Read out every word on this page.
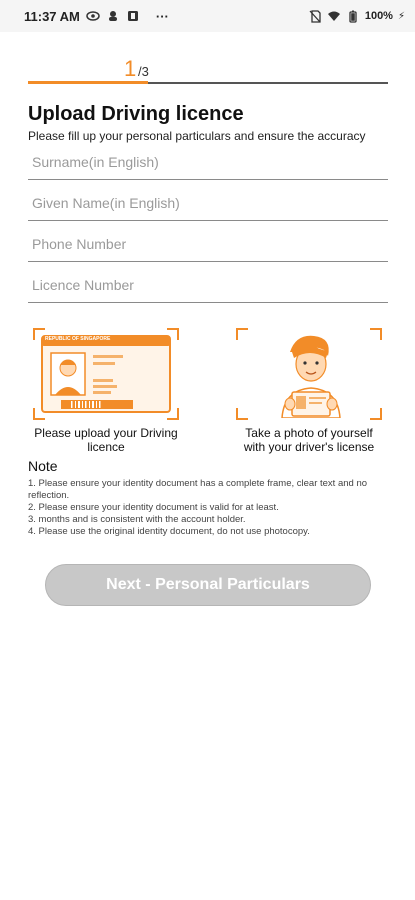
11:37 AM	···	100% ⚡
1 /3
Upload Driving licence
Please fill up your personal particulars and ensure the accuracy
Surname(in English)
Given Name(in English)
Phone Number
Licence Number
REPUBLIC OF SINGAPORE
Please upload your Driving
licence
Take a photo of yourself
with your driver's license
Note
1. Please ensure your identity document has a complete frame, clear text and no reflection.
2. Please ensure your identity document is valid for at least.
3. months and is consistent with the account holder.
4. Please use the original identity document, do not use photocopy.
Next - Personal Particulars
